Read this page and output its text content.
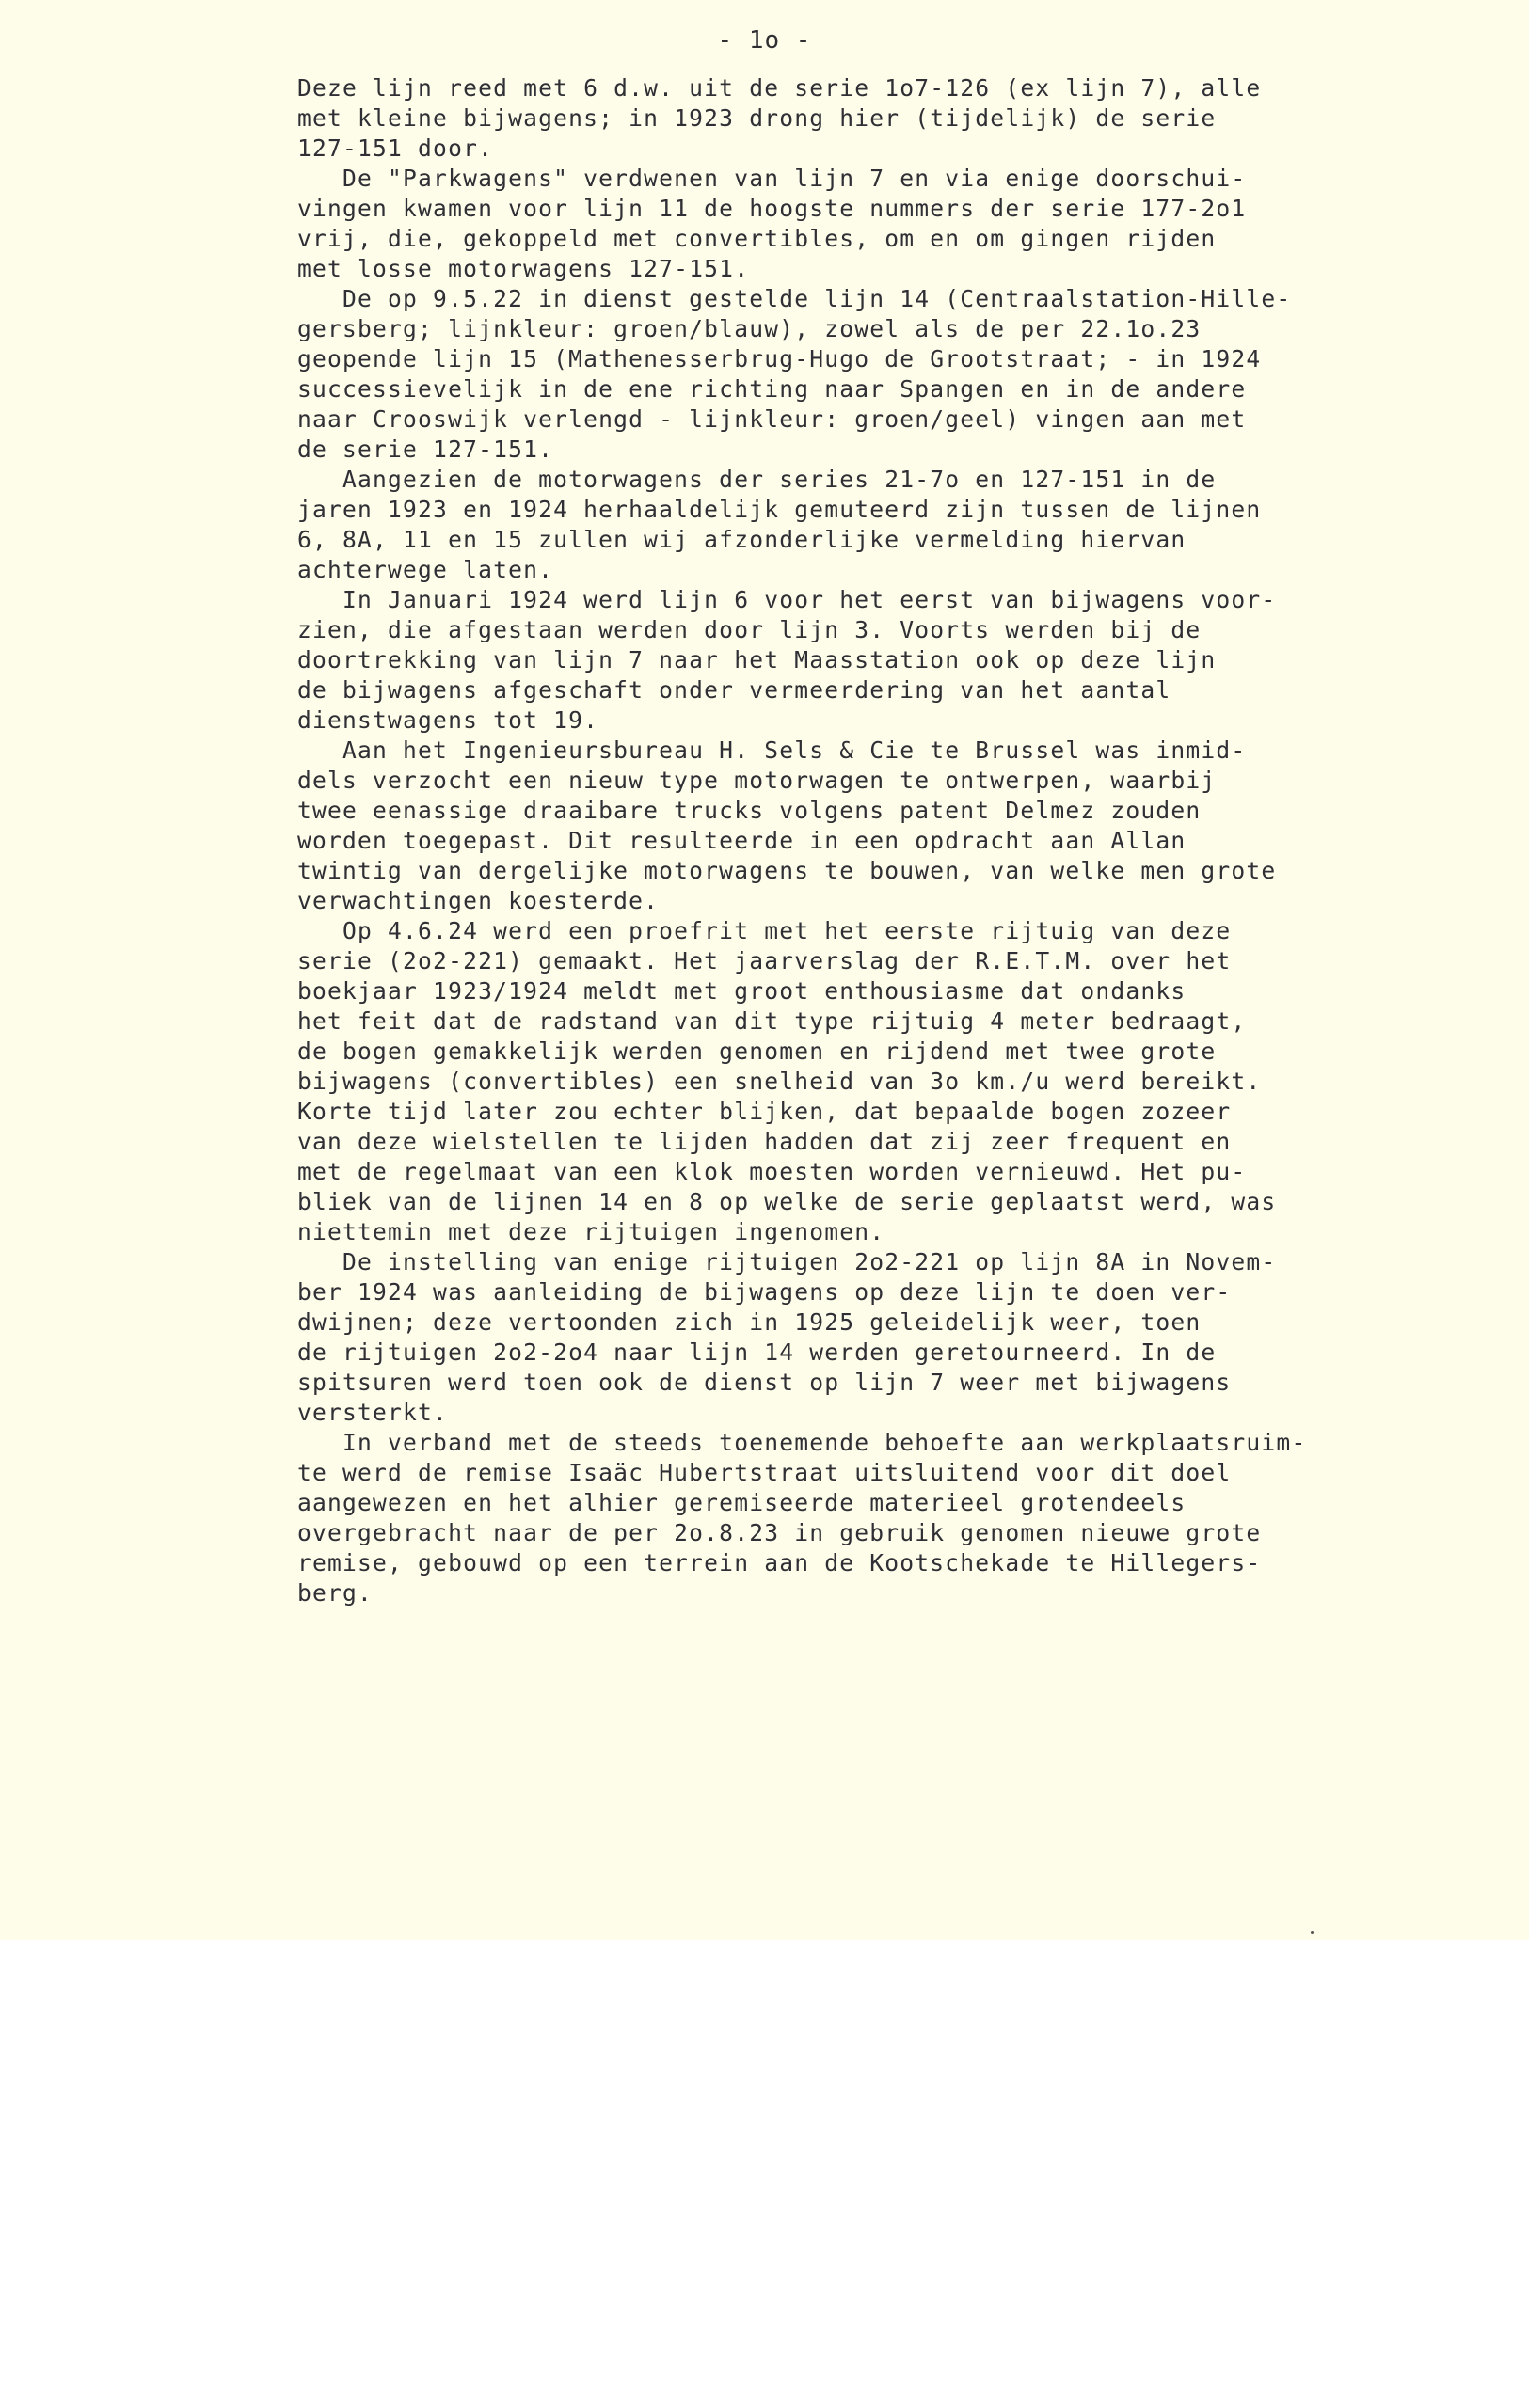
- 1o -
Deze lijn reed met 6 d.w. uit de serie 1o7-126 (ex lijn 7), alle
met kleine bijwagens; in 1923 drong hier (tijdelijk) de serie
127-151 door.
De "Parkwagens" verdwenen van lijn 7 en via enige doorschui-
vingen kwamen voor lijn 11 de hoogste nummers der serie 177-2o1
vrij, die, gekoppeld met convertibles, om en om gingen rijden
met losse motorwagens 127-151.
De op 9.5.22 in dienst gestelde lijn 14 (Centraalstation-Hille-
gersberg; lijnkleur: groen/blauw), zowel als de per 22.1o.23
geopende lijn 15 (Mathenesserbrug-Hugo de Grootstraat; - in 1924
successievelijk in de ene richting naar Spangen en in de andere
naar Crooswijk verlengd - lijnkleur: groen/geel) vingen aan met
de serie 127-151.
Aangezien de motorwagens der series 21-7o en 127-151 in de
jaren 1923 en 1924 herhaaldelijk gemuteerd zijn tussen de lijnen
6, 8A, 11 en 15 zullen wij afzonderlijke vermelding hiervan
achterwege laten.
In Januari 1924 werd lijn 6 voor het eerst van bijwagens voor-
zien, die afgestaan werden door lijn 3. Voorts werden bij de
doortrekking van lijn 7 naar het Maasstation ook op deze lijn
de bijwagens afgeschaft onder vermeerdering van het aantal
dienstwagens tot 19.
Aan het Ingenieursbureau H. Sels & Cie te Brussel was inmid-
dels verzocht een nieuw type motorwagen te ontwerpen, waarbij
twee eenassige draaibare trucks volgens patent Delmez zouden
worden toegepast. Dit resulteerde in een opdracht aan Allan
twintig van dergelijke motorwagens te bouwen, van welke men grote
verwachtingen koesterde.
Op 4.6.24 werd een proefrit met het eerste rijtuig van deze
serie (2o2-221) gemaakt. Het jaarverslag der R.E.T.M. over het
boekjaar 1923/1924 meldt met groot enthousiasme dat ondanks
het feit dat de radstand van dit type rijtuig 4 meter bedraagt,
de bogen gemakkelijk werden genomen en rijdend met twee grote
bijwagens (convertibles) een snelheid van 3o km./u werd bereikt.
Korte tijd later zou echter blijken, dat bepaalde bogen zozeer
van deze wielstellen te lijden hadden dat zij zeer frequent en
met de regelmaat van een klok moesten worden vernieuwd. Het pu-
bliek van de lijnen 14 en 8 op welke de serie geplaatst werd, was
niettemin met deze rijtuigen ingenomen.
De instelling van enige rijtuigen 2o2-221 op lijn 8A in Novem-
ber 1924 was aanleiding de bijwagens op deze lijn te doen ver-
dwijnen; deze vertoonden zich in 1925 geleidelijk weer, toen
de rijtuigen 2o2-2o4 naar lijn 14 werden geretourneerd. In de
spitsuren werd toen ook de dienst op lijn 7 weer met bijwagens
versterkt.
In verband met de steeds toenemende behoefte aan werkplaatsruim-
te werd de remise Isaäc Hubertstraat uitsluitend voor dit doel
aangewezen en het alhier geremiseerde materieel grotendeels
overgebracht naar de per 2o.8.23 in gebruik genomen nieuwe grote
remise, gebouwd op een terrein aan de Kootschekade te Hillegers-
berg.
